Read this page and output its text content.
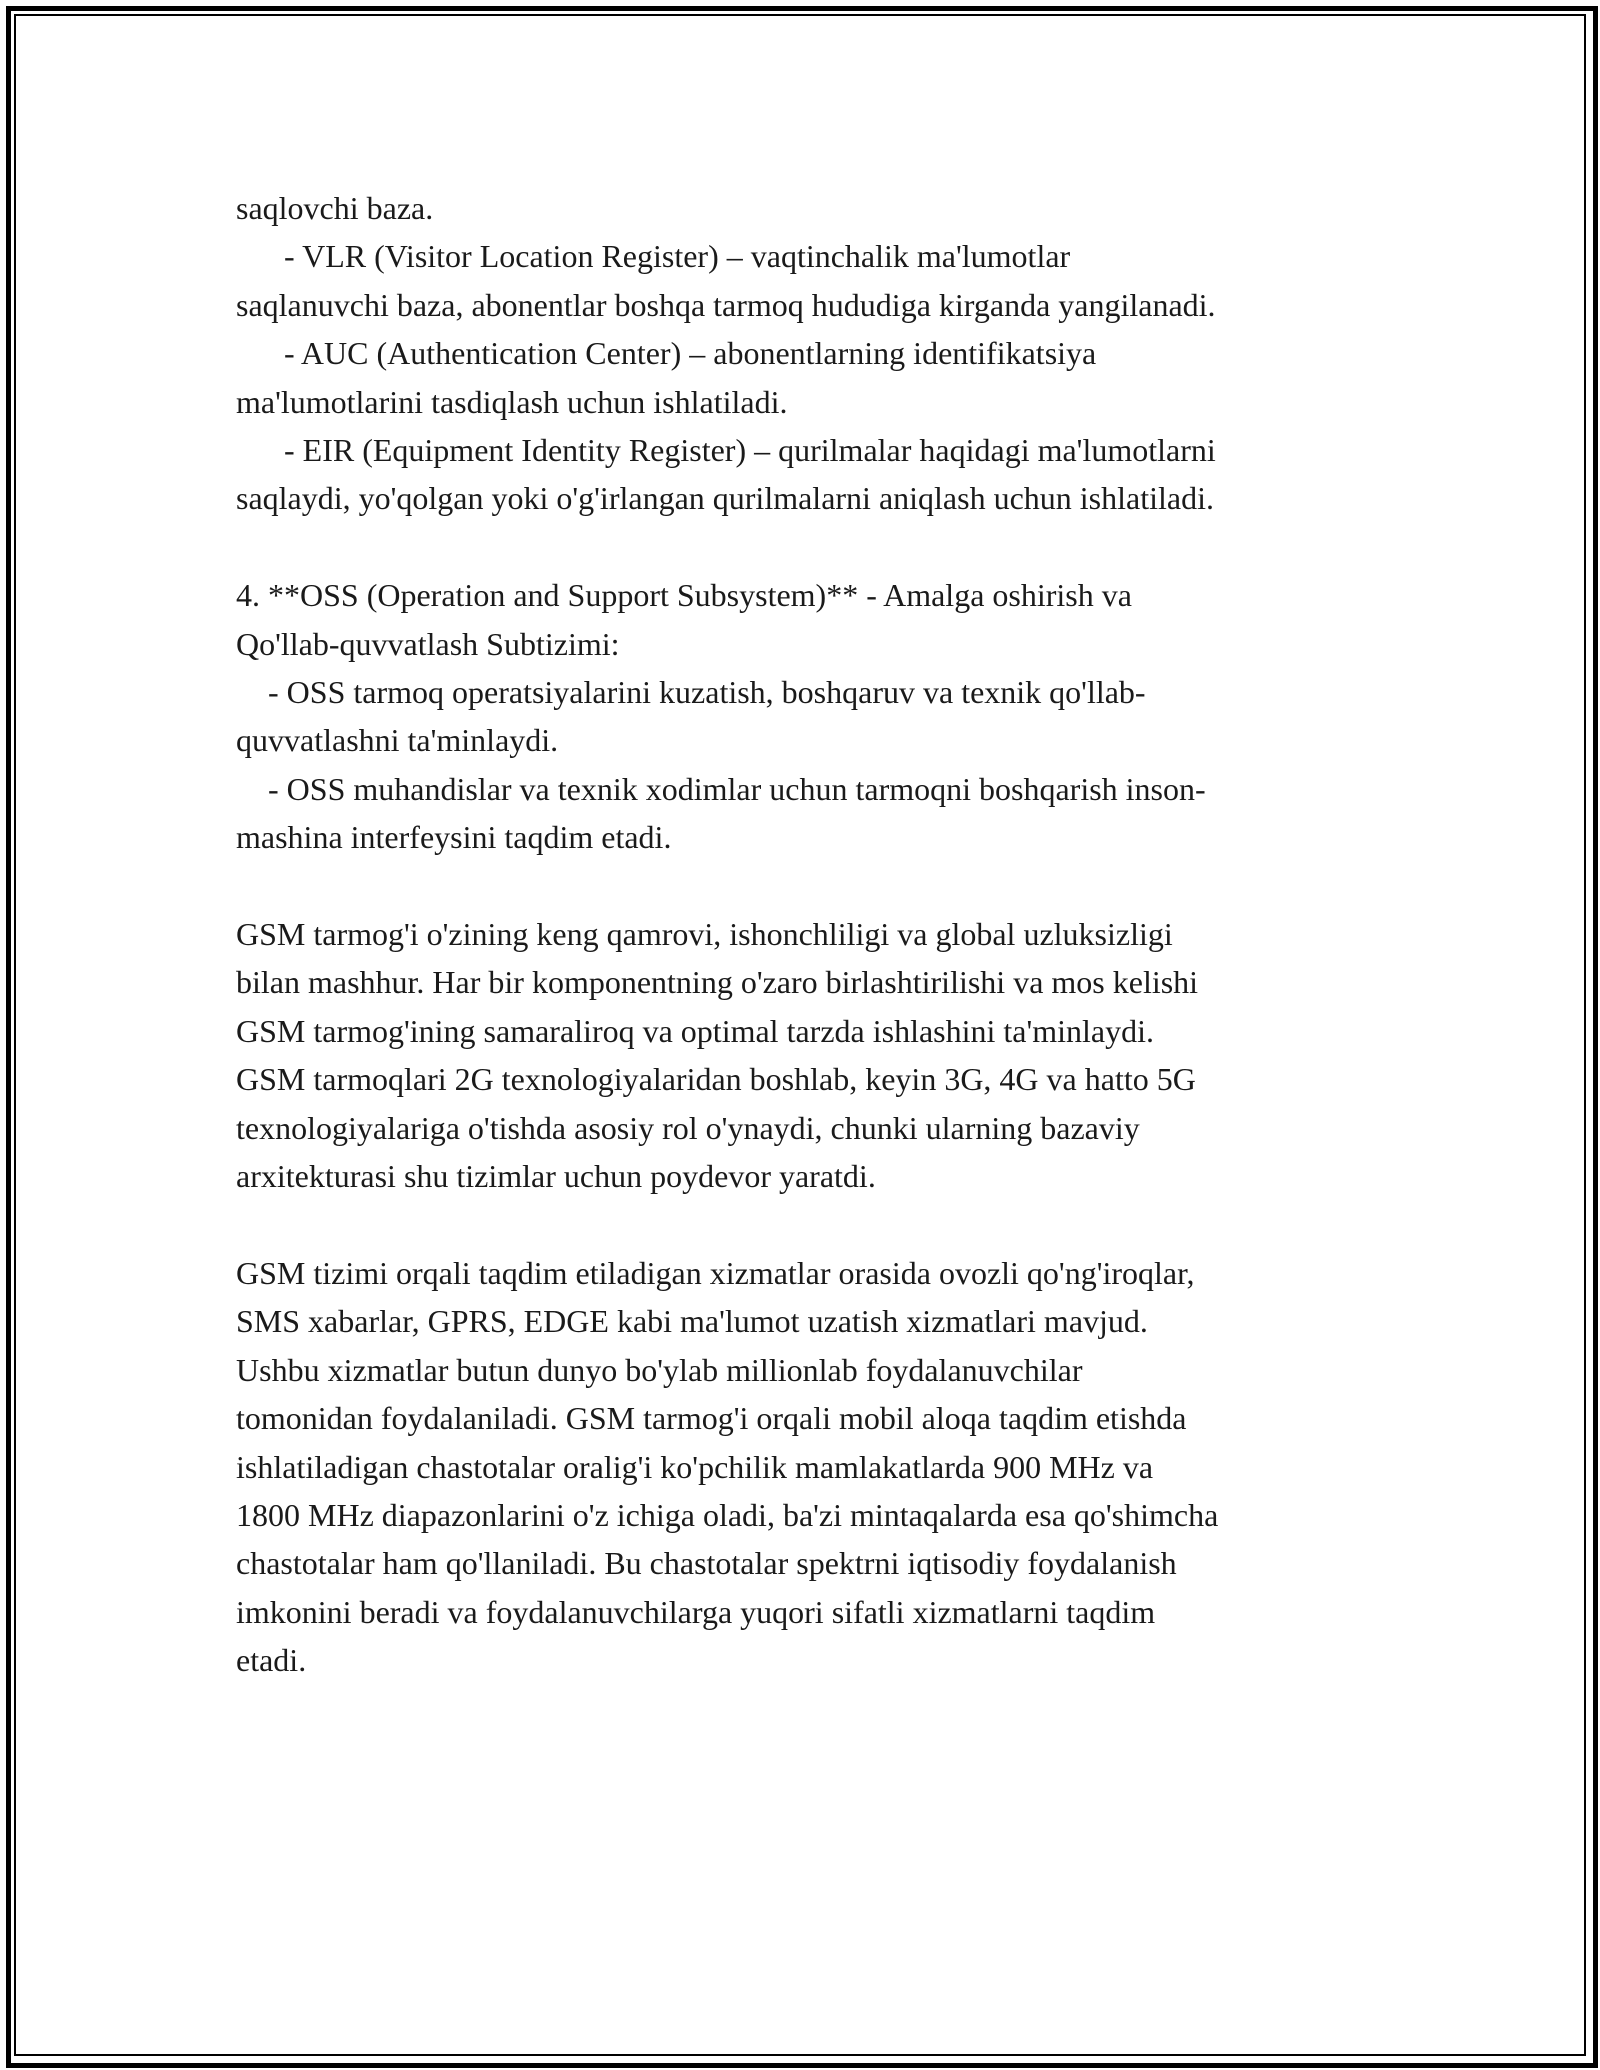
saqlovchi baza.
- VLR (Visitor Location Register) – vaqtinchalik ma'lumotlar
saqlanuvchi baza, abonentlar boshqa tarmoq hududiga kirganda yangilanadi.
- AUC (Authentication Center) – abonentlarning identifikatsiya
ma'lumotlarini tasdiqlash uchun ishlatiladi.
- EIR (Equipment Identity Register) – qurilmalar haqidagi ma'lumotlarni
saqlaydi, yo'qolgan yoki o'g'irlangan qurilmalarni aniqlash uchun ishlatiladi.
4. **OSS (Operation and Support Subsystem)** - Amalga oshirish va
Qo'llab-quvvatlash Subtizimi:
- OSS tarmoq operatsiyalarini kuzatish, boshqaruv va texnik qo'llab-
quvvatlashni ta'minlaydi.
- OSS muhandislar va texnik xodimlar uchun tarmoqni boshqarish inson-
mashina interfeysini taqdim etadi.
GSM tarmog'i o'zining keng qamrovi, ishonchliligi va global uzluksizligi
bilan mashhur. Har bir komponentning o'zaro birlashtirilishi va mos kelishi
GSM tarmog'ining samaraliroq va optimal tarzda ishlashini ta'minlaydi.
GSM tarmoqlari 2G texnologiyalaridan boshlab, keyin 3G, 4G va hatto 5G
texnologiyalariga o'tishda asosiy rol o'ynaydi, chunki ularning bazaviy
arxitekturasi shu tizimlar uchun poydevor yaratdi.
GSM tizimi orqali taqdim etiladigan xizmatlar orasida ovozli qo'ng'iroqlar,
SMS xabarlar, GPRS, EDGE kabi ma'lumot uzatish xizmatlari mavjud.
Ushbu xizmatlar butun dunyo bo'ylab millionlab foydalanuvchilar
tomonidan foydalaniladi. GSM tarmog'i orqali mobil aloqa taqdim etishda
ishlatiladigan chastotalar oralig'i ko'pchilik mamlakatlarda 900 MHz va
1800 MHz diapazonlarini o'z ichiga oladi, ba'zi mintaqalarda esa qo'shimcha
chastotalar ham qo'llaniladi. Bu chastotalar spektrni iqtisodiy foydalanish
imkonini beradi va foydalanuvchilarga yuqori sifatli xizmatlarni taqdim
etadi.
